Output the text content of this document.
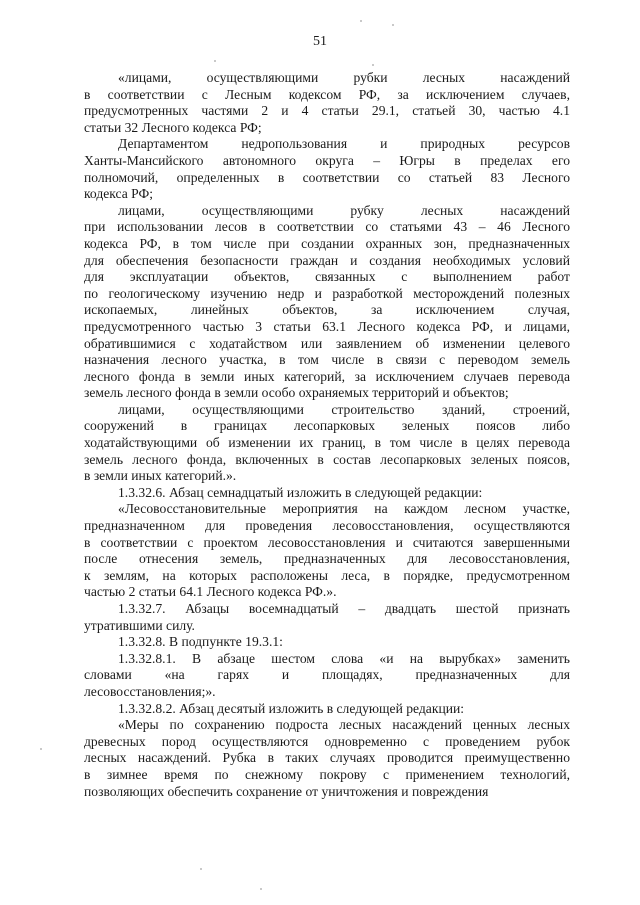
51
«лицами, осуществляющими рубки лесных насаждений
в соответствии с Лесным кодексом РФ, за исключением случаев,
предусмотренных частями 2 и 4 статьи 29.1, статьей 30, частью 4.1
статьи 32 Лесного кодекса РФ;
Департаментом недропользования и природных ресурсов
Ханты-Мансийского автономного округа – Югры в пределах его
полномочий, определенных в соответствии со статьей 83 Лесного
кодекса РФ;
лицами, осуществляющими рубку лесных насаждений
при использовании лесов в соответствии со статьями 43 – 46 Лесного
кодекса РФ, в том числе при создании охранных зон, предназначенных
для обеспечения безопасности граждан и создания необходимых условий
для эксплуатации объектов, связанных с выполнением работ
по геологическому изучению недр и разработкой месторождений полезных
ископаемых, линейных объектов, за исключением случая,
предусмотренного частью 3 статьи 63.1 Лесного кодекса РФ, и лицами,
обратившимися с ходатайством или заявлением об изменении целевого
назначения лесного участка, в том числе в связи с переводом земель
лесного фонда в земли иных категорий, за исключением случаев перевода
земель лесного фонда в земли особо охраняемых территорий и объектов;
лицами, осуществляющими строительство зданий, строений,
сооружений в границах лесопарковых зеленых поясов либо
ходатайствующими об изменении их границ, в том числе в целях перевода
земель лесного фонда, включенных в состав лесопарковых зеленых поясов,
в земли иных категорий.».
1.3.32.6. Абзац семнадцатый изложить в следующей редакции:
«Лесовосстановительные мероприятия на каждом лесном участке,
предназначенном для проведения лесовосстановления, осуществляются
в соответствии с проектом лесовосстановления и считаются завершенными
после отнесения земель, предназначенных для лесовосстановления,
к землям, на которых расположены леса, в порядке, предусмотренном
частью 2 статьи 64.1 Лесного кодекса РФ.».
1.3.32.7. Абзацы восемнадцатый – двадцать шестой признать
утратившими силу.
1.3.32.8. В подпункте 19.3.1:
1.3.32.8.1. В абзаце шестом слова «и на вырубках» заменить
словами «на гарях и площадях, предназначенных для
лесовосстановления;».
1.3.32.8.2. Абзац десятый изложить в следующей редакции:
«Меры по сохранению подроста лесных насаждений ценных лесных
древесных пород осуществляются одновременно с проведением рубок
лесных насаждений. Рубка в таких случаях проводится преимущественно
в зимнее время по снежному покрову с применением технологий,
позволяющих обеспечить сохранение от уничтожения и повреждения
